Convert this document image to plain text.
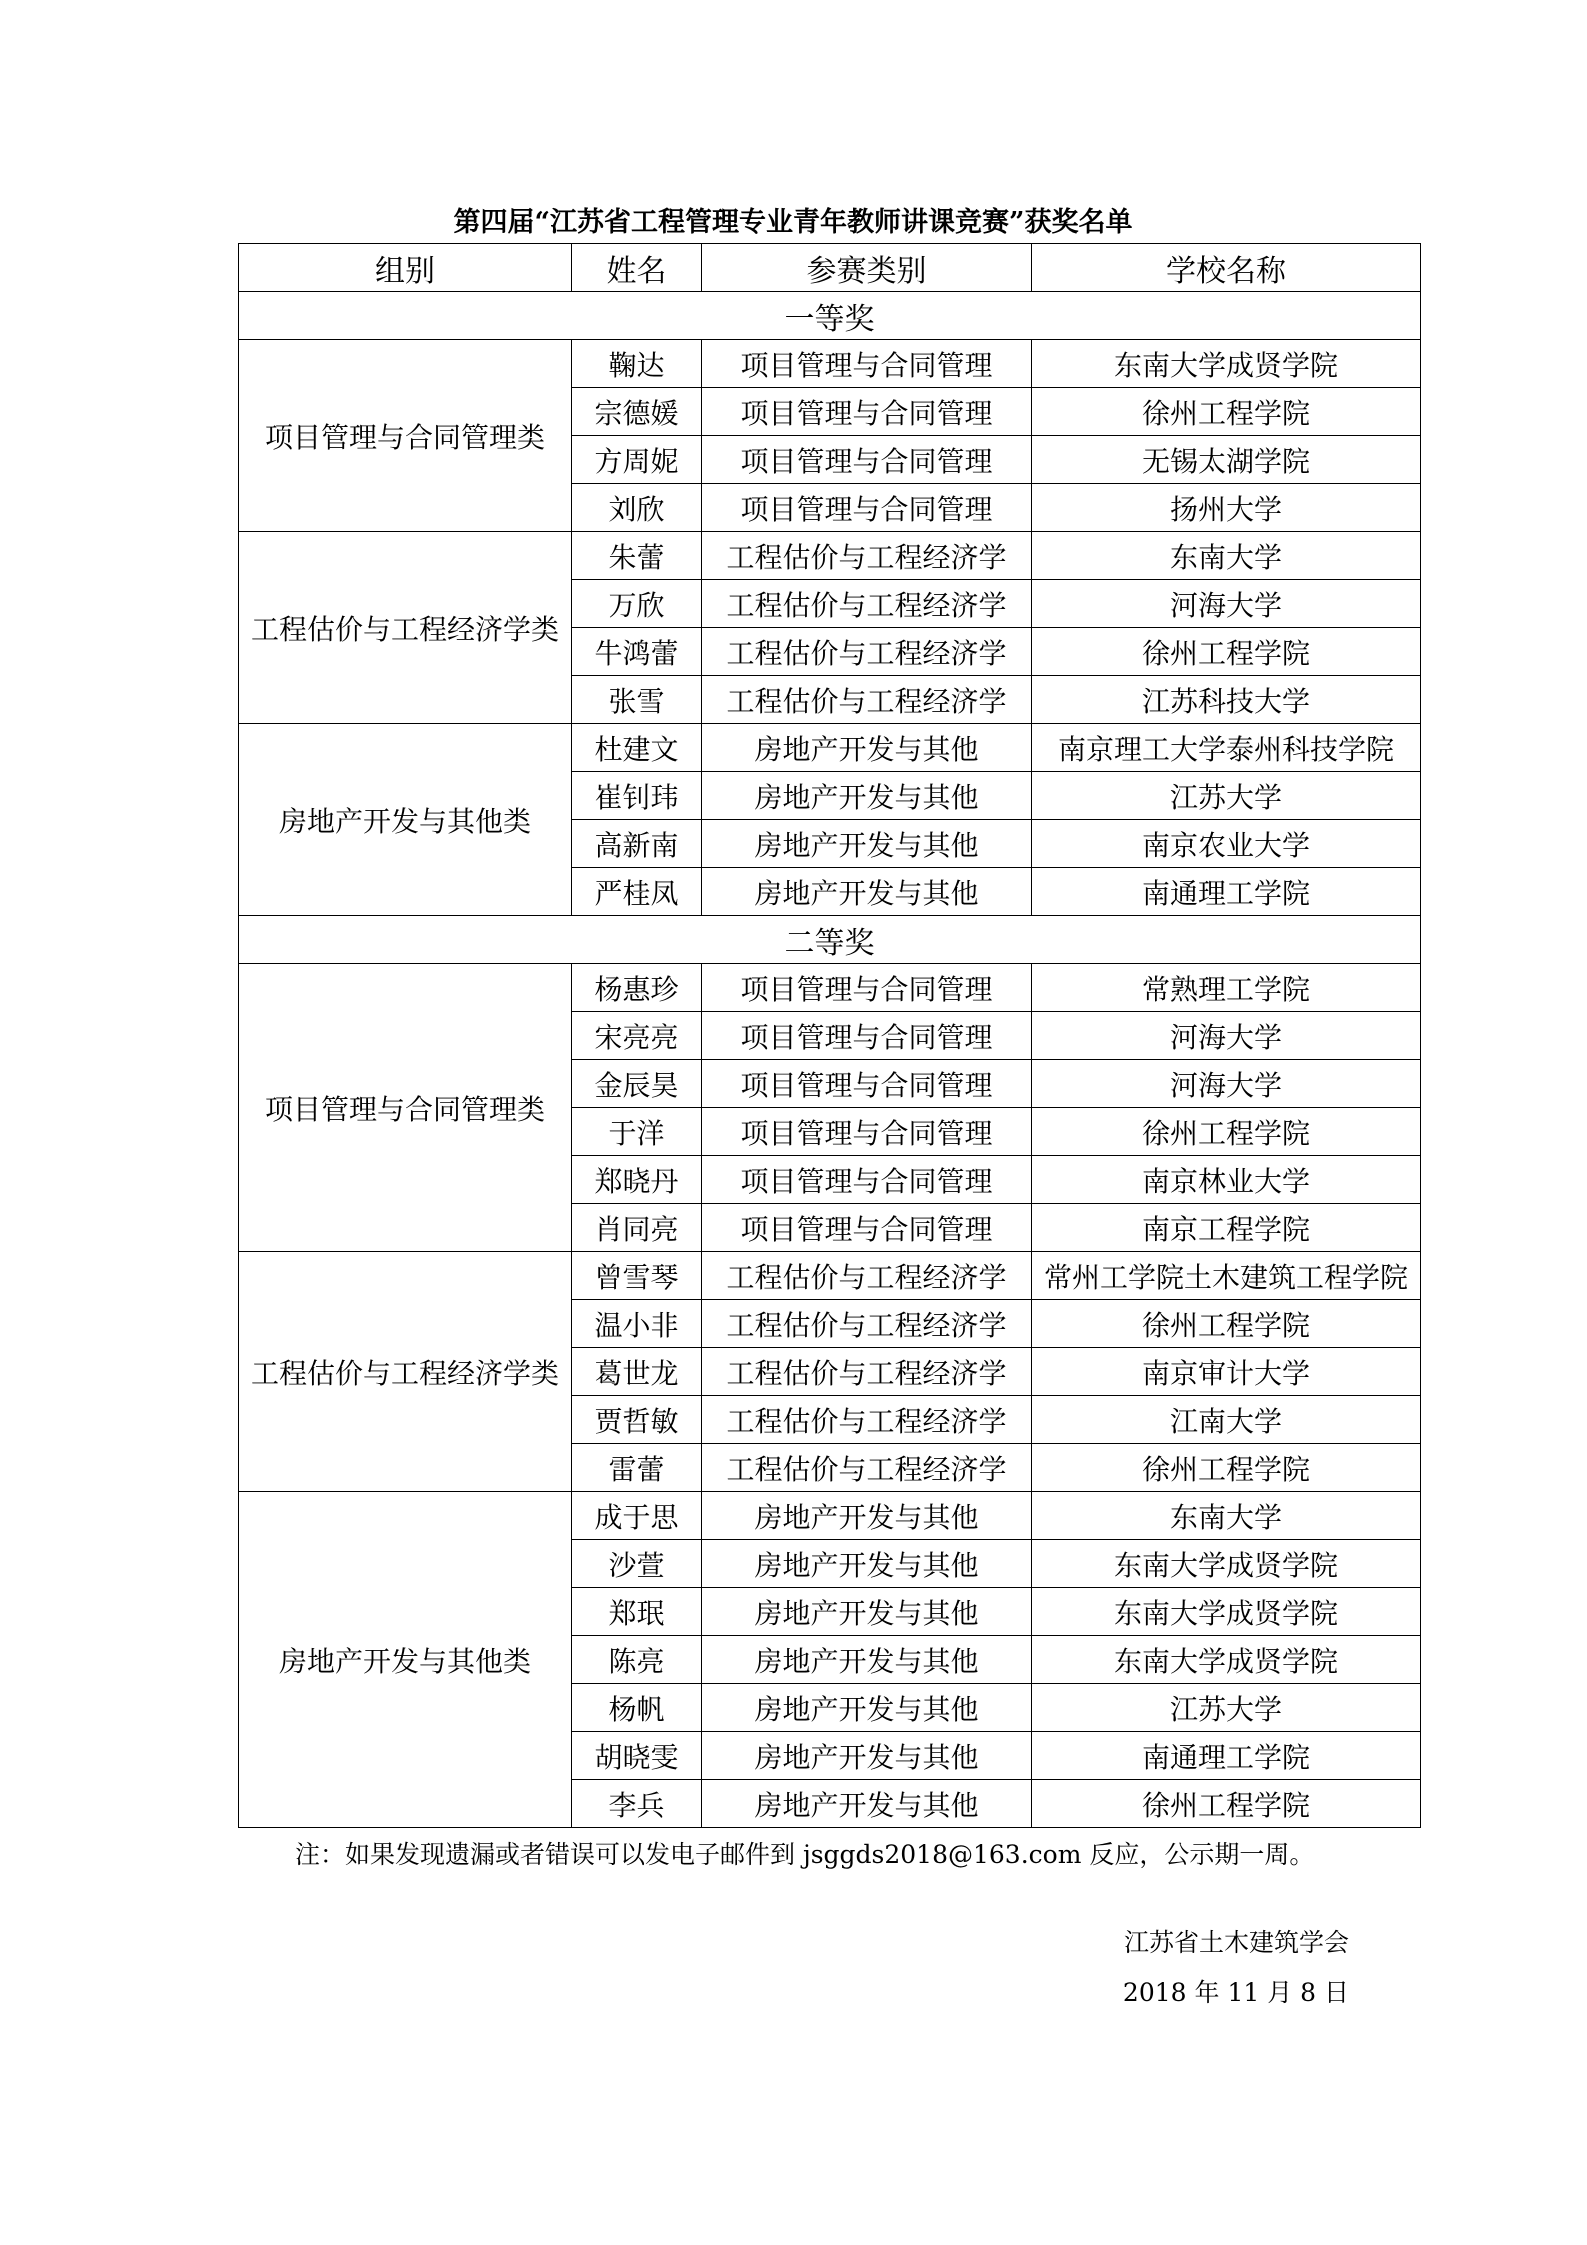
第四届“江苏省工程管理专业青年教师讲课竞赛”获奖名单
组别	姓名	参赛类别	学校名称
一等奖			
项目管理与合同管理类	鞠达	项目管理与合同管理	东南大学成贤学院
	宗德媛	项目管理与合同管理	徐州工程学院
	方周妮	项目管理与合同管理	无锡太湖学院
	刘欣	项目管理与合同管理	扬州大学
工程估价与工程经济学类	朱蕾	工程估价与工程经济学	东南大学
	万欣	工程估价与工程经济学	河海大学
	牛鸿蕾	工程估价与工程经济学	徐州工程学院
	张雪	工程估价与工程经济学	江苏科技大学
房地产开发与其他类	杜建文	房地产开发与其他	南京理工大学泰州科技学院
	崔钊玮	房地产开发与其他	江苏大学
	高新南	房地产开发与其他	南京农业大学
	严桂凤	房地产开发与其他	南通理工学院
二等奖			
项目管理与合同管理类	杨惠珍	项目管理与合同管理	常熟理工学院
	宋亮亮	项目管理与合同管理	河海大学
	金辰昊	项目管理与合同管理	河海大学
	于洋	项目管理与合同管理	徐州工程学院
	郑晓丹	项目管理与合同管理	南京林业大学
	肖同亮	项目管理与合同管理	南京工程学院
工程估价与工程经济学类	曾雪琴	工程估价与工程经济学	常州工学院土木建筑工程学院
	温小非	工程估价与工程经济学	徐州工程学院
	葛世龙	工程估价与工程经济学	南京审计大学
	贾哲敏	工程估价与工程经济学	江南大学
	雷蕾	工程估价与工程经济学	徐州工程学院
房地产开发与其他类	成于思	房地产开发与其他	东南大学
	沙萱	房地产开发与其他	东南大学成贤学院
	郑珉	房地产开发与其他	东南大学成贤学院
	陈亮	房地产开发与其他	东南大学成贤学院
	杨帆	房地产开发与其他	江苏大学
	胡晓雯	房地产开发与其他	南通理工学院
	李兵	房地产开发与其他	徐州工程学院
注：如果发现遗漏或者错误可以发电子邮件到 jsggds2018@163.com 反应，公示期一周。
江苏省土木建筑学会
2018 年 11 月 8 日
